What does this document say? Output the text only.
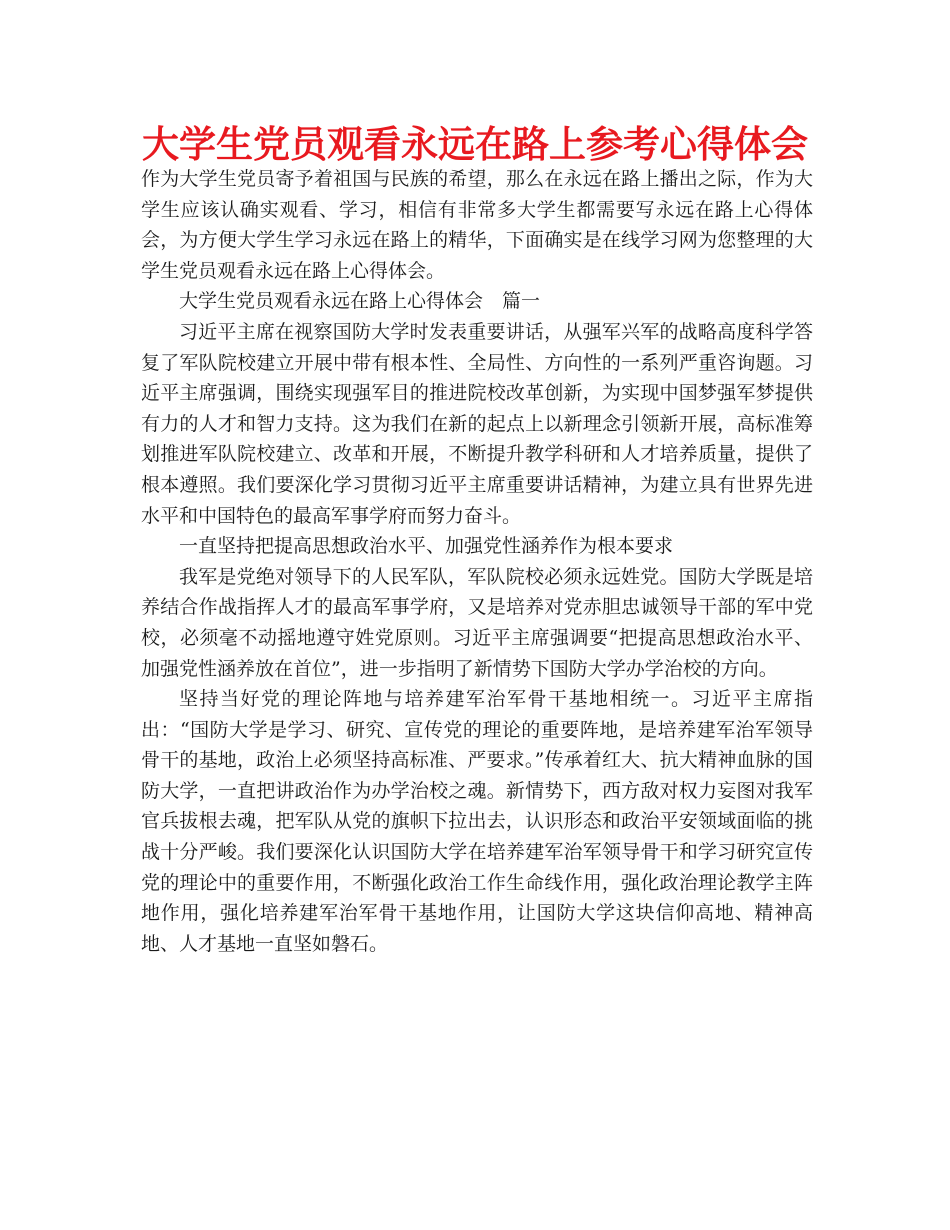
大学生党员观看永远在路上参考心得体会

作为大学生党员寄予着祖国与民族的希望，那么在永远在路上播出之际，作为大学生应该认确实观看、学习，相信有非常多大学生都需要写永远在路上心得体会，为方便大学生学习永远在路上的精华，下面确实是在线学习网为您整理的大学生党员观看永远在路上心得体会。

大学生党员观看永远在路上心得体会　篇一

习近平主席在视察国防大学时发表重要讲话，从强军兴军的战略高度科学答复了军队院校建立开展中带有根本性、全局性、方向性的一系列严重咨询题。习近平主席强调，围绕实现强军目的推进院校改革创新，为实现中国梦强军梦提供有力的人才和智力支持。这为我们在新的起点上以新理念引领新开展，高标准筹划推进军队院校建立、改革和开展，不断提升教学科研和人才培养质量，提供了根本遵照。我们要深化学习贯彻习近平主席重要讲话精神，为建立具有世界先进水平和中国特色的最高军事学府而努力奋斗。

一直坚持把提高思想政治水平、加强党性涵养作为根本要求

我军是党绝对领导下的人民军队，军队院校必须永远姓党。国防大学既是培养结合作战指挥人才的最高军事学府，又是培养对党赤胆忠诚领导干部的军中党校，必须毫不动摇地遵守姓党原则。习近平主席强调要“把提高思想政治水平、加强党性涵养放在首位”，进一步指明了新情势下国防大学办学治校的方向。

坚持当好党的理论阵地与培养建军治军骨干基地相统一。习近平主席指出：“国防大学是学习、研究、宣传党的理论的重要阵地，是培养建军治军领导骨干的基地，政治上必须坚持高标准、严要求。”传承着红大、抗大精神血脉的国防大学，一直把讲政治作为办学治校之魂。新情势下，西方敌对权力妄图对我军官兵拔根去魂，把军队从党的旗帜下拉出去，认识形态和政治平安领域面临的挑战十分严峻。我们要深化认识国防大学在培养建军治军领导骨干和学习研究宣传党的理论中的重要作用，不断强化政治工作生命线作用，强化政治理论教学主阵地作用，强化培养建军治军骨干基地作用，让国防大学这块信仰高地、精神高地、人才基地一直坚如磐石。
